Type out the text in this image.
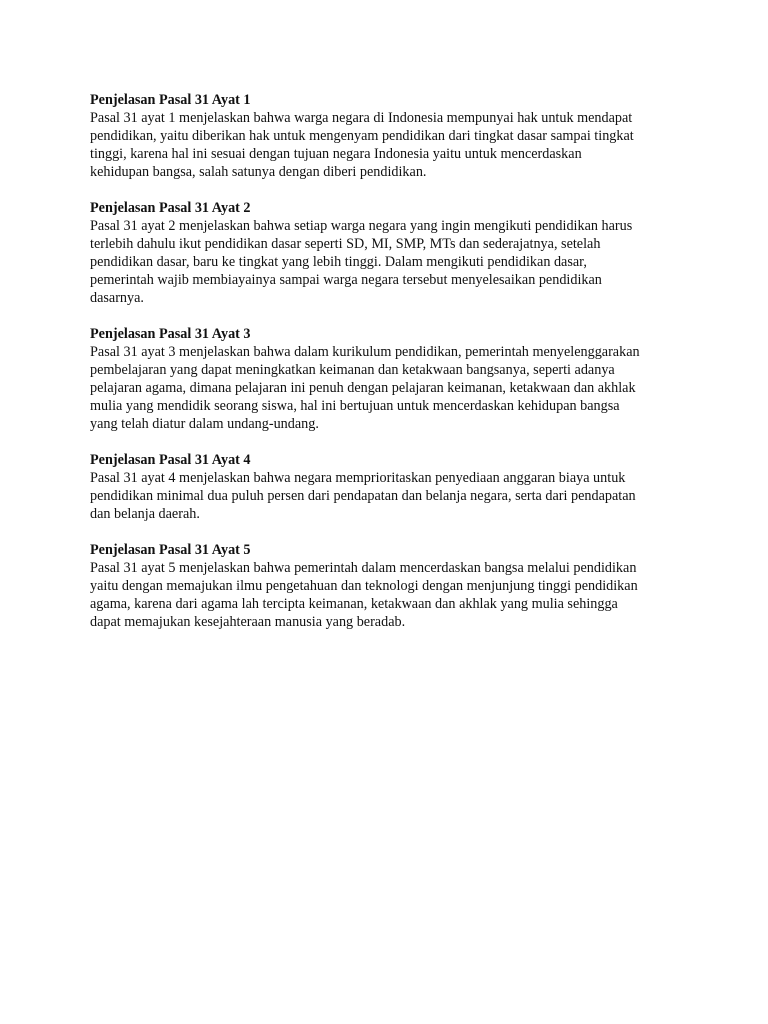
Penjelasan Pasal 31 Ayat 1

Pasal 31 ayat 1 menjelaskan bahwa warga negara di Indonesia mempunyai hak untuk mendapat
pendidikan, yaitu diberikan hak untuk mengenyam pendidikan dari tingkat dasar sampai tingkat
tinggi, karena hal ini sesuai dengan tujuan negara Indonesia yaitu untuk mencerdaskan
kehidupan bangsa, salah satunya dengan diberi pendidikan.

Penjelasan Pasal 31 Ayat 2

Pasal 31 ayat 2 menjelaskan bahwa setiap warga negara yang ingin mengikuti pendidikan harus
terlebih dahulu ikut pendidikan dasar seperti SD, MI, SMP, MTs dan sederajatnya, setelah
pendidikan dasar, baru ke tingkat yang lebih tinggi. Dalam mengikuti pendidikan dasar,
pemerintah wajib membiayainya sampai warga negara tersebut menyelesaikan pendidikan
dasarnya.

Penjelasan Pasal 31 Ayat 3

Pasal 31 ayat 3 menjelaskan bahwa dalam kurikulum pendidikan, pemerintah menyelenggarakan
pembelajaran yang dapat meningkatkan keimanan dan ketakwaan bangsanya, seperti adanya
pelajaran agama, dimana pelajaran ini penuh dengan pelajaran keimanan, ketakwaan dan akhlak
mulia yang mendidik seorang siswa, hal ini bertujuan untuk mencerdaskan kehidupan bangsa
yang telah diatur dalam undang-undang.

Penjelasan Pasal 31 Ayat 4

Pasal 31 ayat 4 menjelaskan bahwa negara memprioritaskan penyediaan anggaran biaya untuk
pendidikan minimal dua puluh persen dari pendapatan dan belanja negara, serta dari pendapatan
dan belanja daerah.

Penjelasan Pasal 31 Ayat 5

Pasal 31 ayat 5 menjelaskan bahwa pemerintah dalam mencerdaskan bangsa melalui pendidikan
yaitu dengan memajukan ilmu pengetahuan dan teknologi dengan menjunjung tinggi pendidikan
agama, karena dari agama lah tercipta keimanan, ketakwaan dan akhlak yang mulia sehingga
dapat memajukan kesejahteraan manusia yang beradab.
